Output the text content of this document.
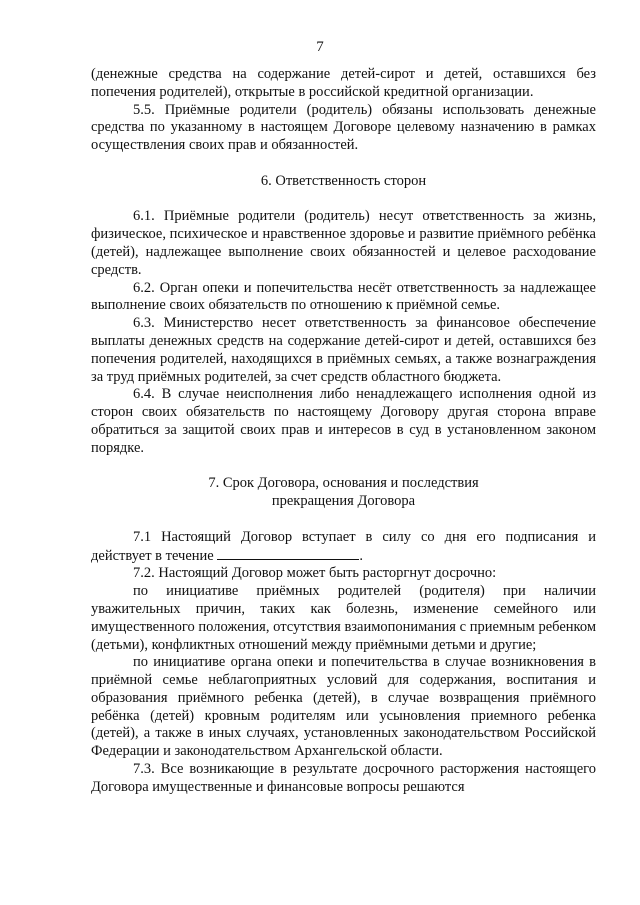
7

(денежные средства на содержание детей-сирот и детей, оставшихся без попечения родителей), открытые в российской кредитной организации.

5.5. Приёмные родители (родитель) обязаны использовать денежные средства по указанному в настоящем Договоре целевому назначению в рамках осуществления своих прав и обязанностей.

6. Ответственность сторон

6.1. Приёмные родители (родитель) несут ответственность за жизнь, физическое, психическое и нравственное здоровье и развитие приёмного ребёнка (детей), надлежащее выполнение своих обязанностей и целевое расходование средств.

6.2. Орган опеки и попечительства несёт ответственность за надлежащее выполнение своих обязательств по отношению к приёмной семье.

6.3. Министерство несет ответственность за финансовое обеспечение выплаты денежных средств на содержание детей-сирот и детей, оставшихся без попечения родителей, находящихся в приёмных семьях, а также вознаграждения за труд приёмных родителей, за счет средств областного бюджета.

6.4. В случае неисполнения либо ненадлежащего исполнения одной из сторон своих обязательств по настоящему Договору другая сторона вправе обратиться за защитой своих прав и интересов в суд в установленном законом порядке.

7. Срок Договора, основания и последствия
прекращения Договора

7.1 Настоящий Договор вступает в силу со дня его подписания и действует в течение	.

7.2. Настоящий Договор может быть расторгнут досрочно:

по инициативе приёмных родителей (родителя) при наличии уважительных причин, таких как болезнь, изменение семейного или имущественного положения, отсутствия взаимопонимания с приемным ребенком (детьми), конфликтных отношений между приёмными детьми и другие;

по инициативе органа опеки и попечительства в случае возникновения в приёмной семье неблагоприятных условий для содержания, воспитания и образования приёмного ребенка (детей), в случае возвращения приёмного ребёнка (детей) кровным родителям или усыновления приемного ребенка (детей), а также в иных случаях, установленных законодательством Российской Федерации и законодательством Архангельской области.

7.3. Все возникающие в результате досрочного расторжения настоящего Договора имущественные и финансовые вопросы решаются
